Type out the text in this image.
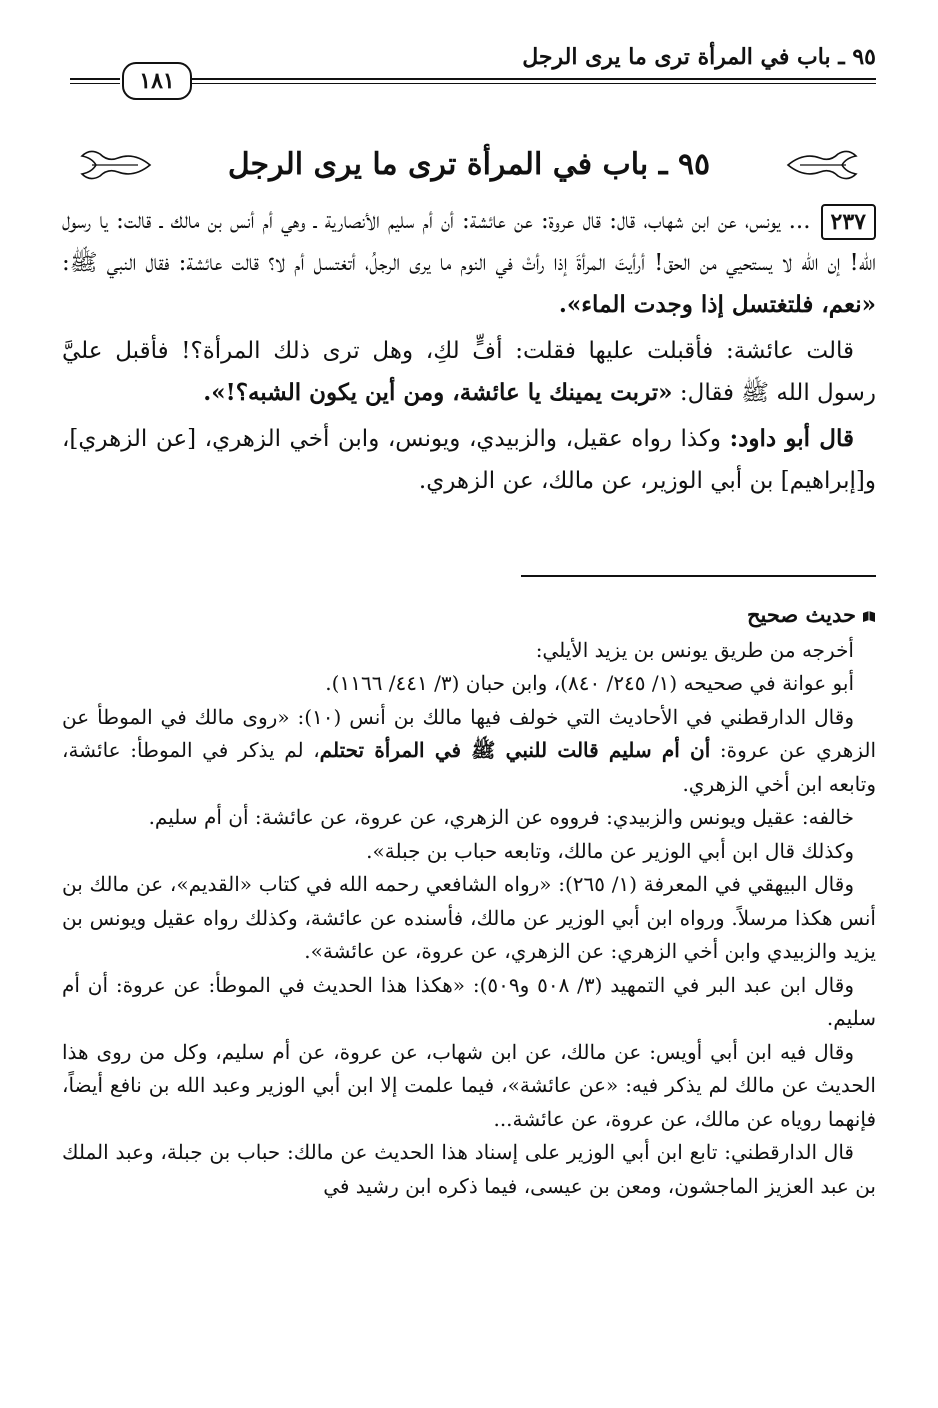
٩٥ ـ باب في المرأة ترى ما يرى الرجل
١٨١
٩٥ ـ باب في المرأة ترى ما يرى الرجل

٢٣٧... يونس، عن ابن شهاب، قال: قال عروة: عن عائشة: أن أم سليم الأنصارية ـ وهي أم أنس بن مالك ـ قالت: يا رسول الله! إن الله لا يستحيي من الحق! أرأيتَ المرأةَ إذا رأتْ في النوم ما يرى الرجلُ، أتغتسل أم لا؟ قالت عائشة: فقال النبي ﷺ: «نعم، فلتغتسل إذا وجدت الماء».

قالت عائشة: فأقبلت عليها فقلت: أفٍّ لكِ، وهل ترى ذلك المرأة؟! فأقبل عليَّ رسول الله ﷺ فقال: «تربت يمينك يا عائشة، ومن أين يكون الشبه؟!».

قال أبو داود: وكذا رواه عقيل، والزبيدي، ويونس، وابن أخي الزهري، [عن الزهري]، و[إبراهيم] بن أبي الوزير، عن مالك، عن الزهري.

حديث صحيح

أخرجه من طريق يونس بن يزيد الأيلي:

أبو عوانة في صحيحه (١/ ٢٤٥/ ٨٤٠)، وابن حبان (٣/ ٤٤١/ ١١٦٦).

وقال الدارقطني في الأحاديث التي خولف فيها مالك بن أنس (١٠): «روى مالك في الموطأ عن الزهري عن عروة: أن أم سليم قالت للنبي ﷺ في المرأة تحتلم، لم يذكر في الموطأ: عائشة، وتابعه ابن أخي الزهري.

خالفه: عقيل ويونس والزبيدي: فرووه عن الزهري، عن عروة، عن عائشة: أن أم سليم.

وكذلك قال ابن أبي الوزير عن مالك، وتابعه حباب بن جبلة».

وقال البيهقي في المعرفة (١/ ٢٦٥): «رواه الشافعي رحمه الله في كتاب «القديم»، عن مالك بن أنس هكذا مرسلاً. ورواه ابن أبي الوزير عن مالك، فأسنده عن عائشة، وكذلك رواه عقيل ويونس بن يزيد والزبيدي وابن أخي الزهري: عن الزهري، عن عروة، عن عائشة».

وقال ابن عبد البر في التمهيد (٣/ ٥٠٨ و٥٠٩): «هكذا هذا الحديث في الموطأ: عن عروة: أن أم سليم.

وقال فيه ابن أبي أويس: عن مالك، عن ابن شهاب، عن عروة، عن أم سليم، وكل من روى هذا الحديث عن مالك لم يذكر فيه: «عن عائشة»، فيما علمت إلا ابن أبي الوزير وعبد الله بن نافع أيضاً، فإنهما روياه عن مالك، عن عروة، عن عائشة...

قال الدارقطني: تابع ابن أبي الوزير على إسناد هذا الحديث عن مالك: حباب بن جبلة، وعبد الملك بن عبد العزيز الماجشون، ومعن بن عيسى، فيما ذكره ابن رشيد في
